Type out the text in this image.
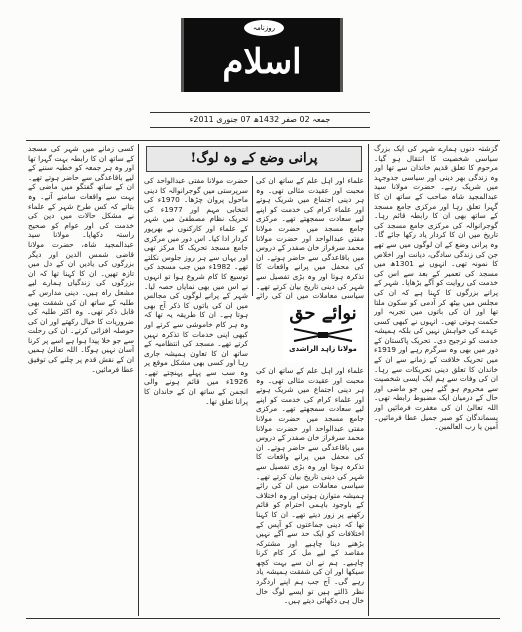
روزنامہ
اسلام
جمعہ 02 صفر 1432ھ 07 جنوری 2011ء
پرانی وضع کے وہ لوگ!

گزشتہ دنوں ہمارے شہر کی ایک بزرگ سیاسی شخصیت کا انتقال ہو گیا۔ مرحوم کا تعلق قدیم خاندان سے تھا اور وہ زندگی بھر دینی اور سیاسی جدوجہد میں شریک رہے۔ حضرت مولانا سید عبدالمجید شاہ صاحب کے ساتھ ان کا گہرا تعلق رہا اور مرکزی جامع مسجد کے ساتھ بھی ان کا رابطہ قائم رہا۔ گوجرانوالہ کی مرکزی جامع مسجد کی تاریخ میں ان کا کردار یاد رکھا جائے گا۔ وہ پرانی وضع کے ان لوگوں میں سے تھے جن کی زندگی سادگی، دیانت اور اخلاص کا نمونہ تھی۔ انہوں نے 1301ھ میں مسجد کی تعمیر کے بعد سے اس کی خدمت کی روایت کو آگے بڑھایا۔ شہر کے پرانے بزرگوں کا کہنا ہے کہ ان کی مجلس میں بیٹھ کر آدمی کو سکون ملتا تھا اور ان کی باتوں میں تجربہ اور حکمت ہوتی تھی۔ انہوں نے کبھی کسی عہدے کی خواہش نہیں کی بلکہ ہمیشہ خدمت کو ترجیح دی۔ تحریک پاکستان کے دور میں بھی وہ سرگرم رہے اور 1919ء میں تحریک خلافت کے زمانے سے ان کے خاندان کا تعلق دینی تحریکات سے رہا۔ ان کی وفات سے ہم ایک ایسی شخصیت سے محروم ہو گئے ہیں جو ماضی اور حال کے درمیان ایک مضبوط رابطہ تھی۔ اللہ تعالیٰ ان کی مغفرت فرمائیں اور پسماندگان کو صبر جمیل عطا فرمائیں۔ آمین یا رب العالمین۔

علماء اور اہل علم کے ساتھ ان کی محبت اور عقیدت مثالی تھی۔ وہ ہر دینی اجتماع میں شریک ہوتے اور علماء کرام کی خدمت کو اپنے لیے سعادت سمجھتے تھے۔ مرکزی جامع مسجد میں حضرت مولانا مفتی عبدالواحد اور حضرت مولانا محمد سرفراز خان صفدر کے دروس میں باقاعدگی سے حاضر ہوتے۔ ان کی محفل میں پرانے واقعات کا تذکرہ ہوتا اور وہ بڑی تفصیل سے شہر کی دینی تاریخ بیان کرتے تھے۔ سیاسی معاملات میں ان کی رائے

حضرت مولانا مفتی عبدالواحد کی سرپرستی میں گوجرانوالہ کا دینی ماحول پروان چڑھا۔ 1970ء کی انتخابی مہم اور 1977ء کی تحریک نظام مصطفیٰ میں شہر کے علماء اور کارکنوں نے بھرپور کردار ادا کیا۔ اس دور میں مرکزی جامع مسجد تحریک کا مرکز تھی اور یہاں سے ہر روز جلوس نکلتے تھے۔ 1982ء میں جب مسجد کی توسیع کا کام شروع ہوا تو انہوں نے اس میں بھی نمایاں حصہ لیا۔ شہر کے پرانے لوگوں کی مجالس میں ان کی باتوں کا ذکر آج بھی ہوتا ہے۔ ان کا طریقہ یہ تھا کہ وہ ہر کام خاموشی سے کرتے اور کبھی اپنی خدمات کا تذکرہ نہیں کرتے تھے۔ مسجد کی انتظامیہ کے ساتھ ان کا تعاون ہمیشہ جاری رہا اور کسی بھی مشکل موقع پر وہ سب سے پہلے پہنچتے تھے۔ 1926ء میں قائم ہونے والی انجمن کے ساتھ ان کے خاندان کا پرانا تعلق تھا۔

نوائے حق
مولانا زاہد الراشدی

علماء اور اہل علم کے ساتھ ان کی محبت اور عقیدت مثالی تھی۔ وہ ہر دینی اجتماع میں شریک ہوتے اور علماء کرام کی خدمت کو اپنے لیے سعادت سمجھتے تھے۔ مرکزی جامع مسجد میں حضرت مولانا مفتی عبدالواحد اور حضرت مولانا محمد سرفراز خان صفدر کے دروس میں باقاعدگی سے حاضر ہوتے۔ ان کی محفل میں پرانے واقعات کا تذکرہ ہوتا اور وہ بڑی تفصیل سے شہر کی دینی تاریخ بیان کرتے تھے۔ سیاسی معاملات میں ان کی رائے ہمیشہ متوازن ہوتی اور وہ اختلاف کے باوجود باہمی احترام کو قائم رکھنے پر زور دیتے تھے۔ ان کا کہنا تھا کہ دینی جماعتوں کو آپس کے اختلافات کو ایک حد سے آگے نہیں بڑھنے دینا چاہیے اور مشترکہ مقاصد کے لیے مل کر کام کرنا چاہیے۔ ہم نے ان سے بہت کچھ سیکھا اور ان کی شفقت ہمیشہ یاد رہے گی۔ آج جب ہم اپنے اردگرد نظر ڈالتے ہیں تو ایسے لوگ خال خال ہی دکھائی دیتے ہیں۔

کسی زمانے میں شہر کی مسجد کے ساتھ ان کا رابطہ بہت گہرا تھا اور وہ ہر جمعہ کو خطبہ سننے کے لیے باقاعدگی سے حاضر ہوتے تھے۔ ان کے ساتھ گفتگو میں ماضی کے بہت سے واقعات سامنے آتے۔ وہ بتاتے کہ کس طرح شہر کے علماء نے مشکل حالات میں دین کی خدمت کی اور عوام کو صحیح راستہ دکھایا۔ مولانا سید عبدالمجید شاہ، حضرت مولانا قاضی شمس الدین اور دیگر بزرگوں کی یادیں ان کے دل میں تازہ تھیں۔ ان کا کہنا تھا کہ ان بزرگوں کی زندگیاں ہمارے لیے مشعل راہ ہیں۔ دینی مدارس کے طلبہ کے ساتھ ان کی شفقت بھی قابل ذکر تھی۔ وہ اکثر طلبہ کی ضروریات کا خیال رکھتے اور ان کی حوصلہ افزائی کرتے۔ ان کی رحلت سے جو خلا پیدا ہوا ہے اسے پر کرنا آسان نہیں ہوگا۔ اللہ تعالیٰ ہمیں ان کے نقش قدم پر چلنے کی توفیق عطا فرمائیں۔
